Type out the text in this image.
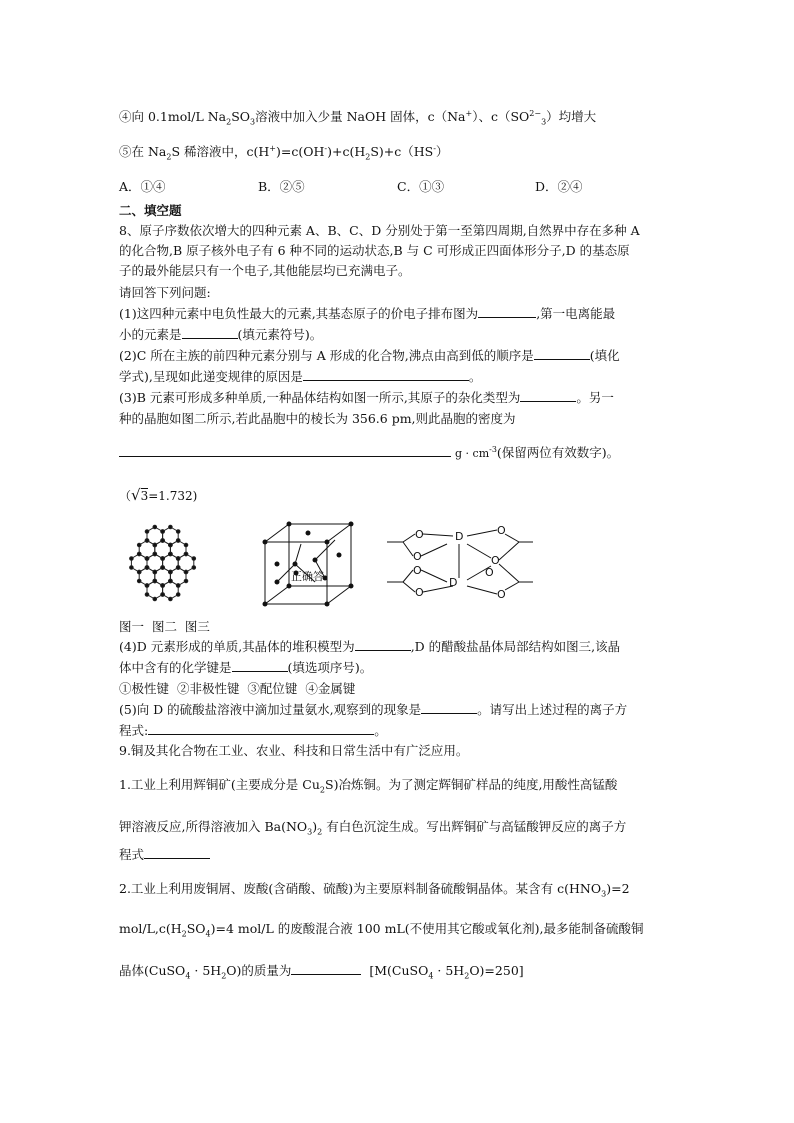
④向 0.1mol/L $Na_2SO_3$溶液中加入少量 NaOH 固体，c（Na+）、$c(SO^{2-}_3)$均增大
⑤在 $Na_2S$ 稀溶液中，$c(H^+)=c(OH^-)+c(H_2S)+c(HS^-)$
A．①④	B．②⑤	C．①③	D．②④
二、填空题
8、原子序数依次增大的四种元素 A、B、C、D 分别处于第一至第四周期,自然界中存在多种 A
的化合物,B 原子核外电子有 6 种不同的运动状态,B 与 C 可形成正四面体形分子,D 的基态原
子的最外能层只有一个电子,其他能层均已充满电子。
请回答下列问题:
(1)这四种元素中电负性最大的元素,其基态原子的价电子排布图为	,第一电离能最
小的元素是	(填元素符号)。
(2)C 所在主族的前四种元素分别与 A 形成的化合物,沸点由高到低的顺序是	(填化
学式),呈现如此递变规律的原因是	。
(3)B 元素可形成多种单质,一种晶体结构如图一所示,其原子的杂化类型为	。另一
种的晶胞如图二所示,若此晶胞中的棱长为 356.6 pm,则此晶胞的密度为
$g \cdot cm^{-3}$(保留两位有效数字)。
（√3=1.732)
正确答
O
O
O
O
D
D
O
O
O
O
图一  图二  图三
(4)D 元素形成的单质,其晶体的堆积模型为	,D 的醋酸盐晶体局部结构如图三,该晶
体中含有的化学键是	(填选项序号)。
①极性键  ②非极性键  ③配位键  ④金属键
(5)向 D 的硫酸盐溶液中滴加过量氨水,观察到的现象是	。请写出上述过程的离子方
程式:	。
9.铜及其化合物在工业、农业、科技和日常生活中有广泛应用。
1.工业上利用辉铜矿(主要成分是 $Cu_2S$)冶炼铜。为了测定辉铜矿样品的纯度,用酸性高锰酸
钾溶液反应,所得溶液加入 $Ba(NO_3)_2$ 有白色沉淀生成。写出辉铜矿与高锰酸钾反应的离子方
程式
2.工业上利用废铜屑、废酸(含硝酸、硫酸)为主要原料制备硫酸铜晶体。某含有 $c(HNO_3)=2$
mol/$L,c(H_2SO_4)=4$ mol/L 的废酸混合液 100 mL(不使用其它酸或氧化剂),最多能制备硫酸铜
晶体(CuSO$_4$ · $5H_2O$)的质量为	[M(CuSO$_4$ · $5H_2O)=250$]
